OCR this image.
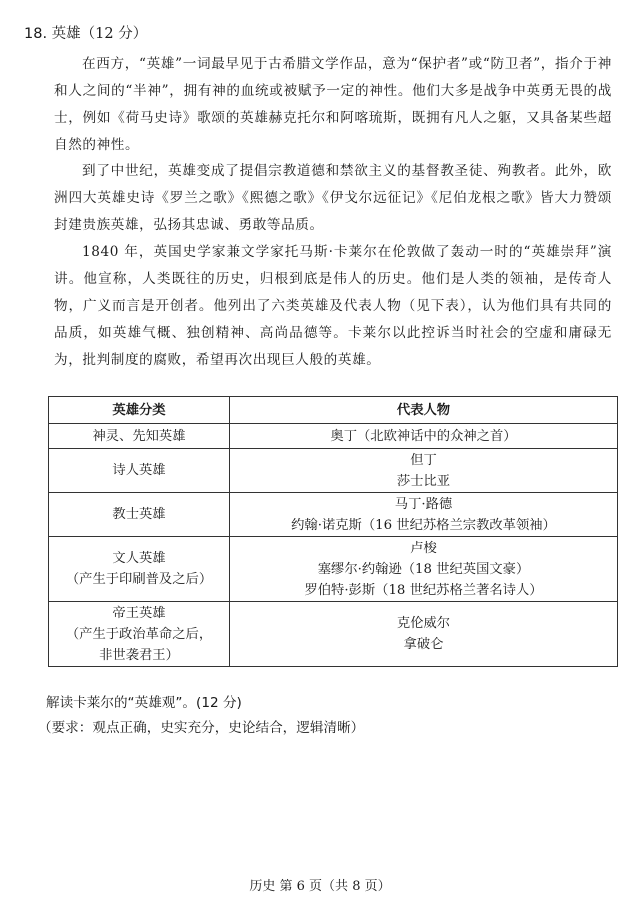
18. 英雄（12 分）

在西方，“英雄”一词最早见于古希腊文学作品，意为“保护者”或“防卫者”，指介于神和人之间的“半神”，拥有神的血统或被赋予一定的神性。他们大多是战争中英勇无畏的战士，例如《荷马史诗》歌颂的英雄赫克托尔和阿喀琉斯，既拥有凡人之躯，又具备某些超自然的神性。

到了中世纪，英雄变成了提倡宗教道德和禁欲主义的基督教圣徒、殉教者。此外，欧洲四大英雄史诗《罗兰之歌》《熙德之歌》《伊戈尔远征记》《尼伯龙根之歌》皆大力赞颂封建贵族英雄，弘扬其忠诚、勇敢等品质。

1840 年，英国史学家兼文学家托马斯·卡莱尔在伦敦做了轰动一时的“英雄崇拜”演讲。他宣称，人类既往的历史，归根到底是伟人的历史。他们是人类的领袖，是传奇人物，广义而言是开创者。他列出了六类英雄及代表人物（见下表），认为他们具有共同的品质，如英雄气概、独创精神、高尚品德等。卡莱尔以此控诉当时社会的空虚和庸碌无为，批判制度的腐败，希望再次出现巨人般的英雄。

英雄分类	代表人物

神灵、先知英雄	奥丁（北欧神话中的众神之首）

诗人英雄	但丁
莎士比亚

教士英雄	马丁·路德
约翰·诺克斯（16 世纪苏格兰宗教改革领袖）

文人英雄
（产生于印刷普及之后）	卢梭
塞缪尔·约翰逊（18 世纪英国文豪）
罗伯特·彭斯（18 世纪苏格兰著名诗人）

帝王英雄
（产生于政治革命之后，
非世袭君王）	克伦威尔
拿破仑
解读卡莱尔的“英雄观”。(12 分)
（要求：观点正确，史实充分，史论结合，逻辑清晰）
历史 第 6 页（共 8 页）
